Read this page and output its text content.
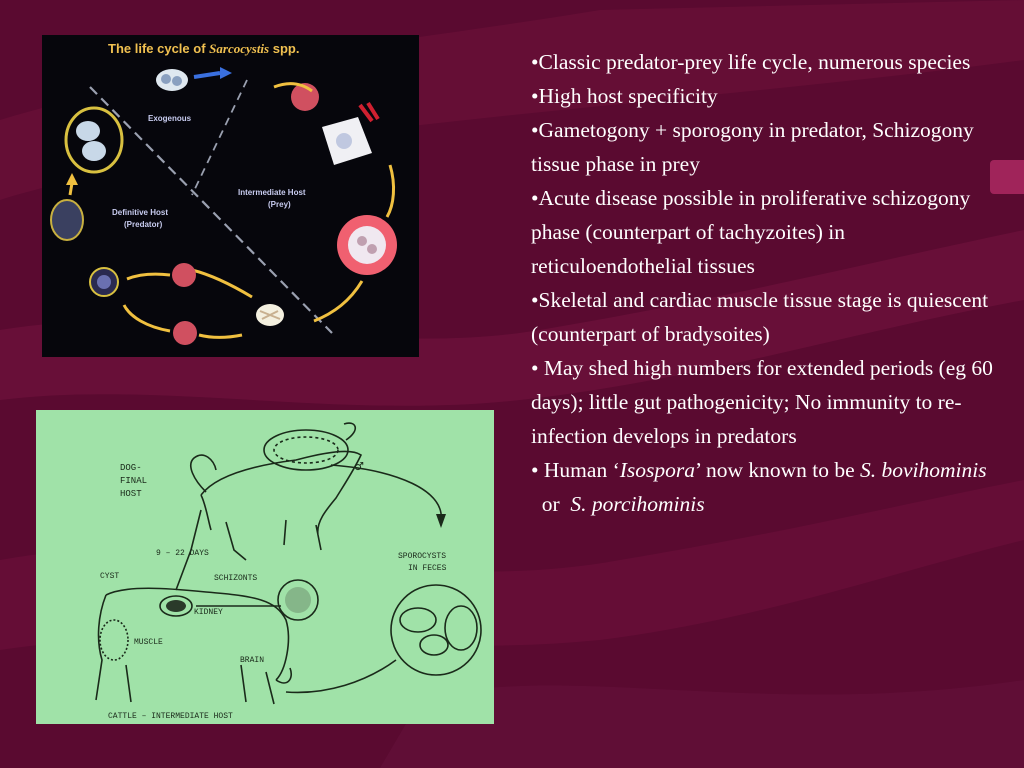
The life cycle of Sarcocystis spp.
Exogenous
Intermediate Host
(Prey)
Definitive Host
(Predator)
DOG-
FINAL
HOST
♂
9 – 22 DAYS
CYST	SCHIZONTS
KIDNEY
MUSCLE
BRAIN
SPOROCYSTS
IN FECES
CATTLE – INTERMEDIATE HOST

•Classic predator-prey life cycle, numerous species

•High host specificity

•Gametogony + sporogony in predator, Schizogony tissue phase in prey

•Acute disease possible in proliferative schizogony phase (counterpart of tachyzoites) in reticuloendothelial tissues

•Skeletal and cardiac muscle tissue stage is quiescent (counterpart of bradysoites)

• May shed high numbers for extended periods (eg 60 days); little gut pathogenicity; No immunity to re-infection develops in predators

• Human ‘Isospora’ now known to be S. bovihominis  or  S. porcihominis
